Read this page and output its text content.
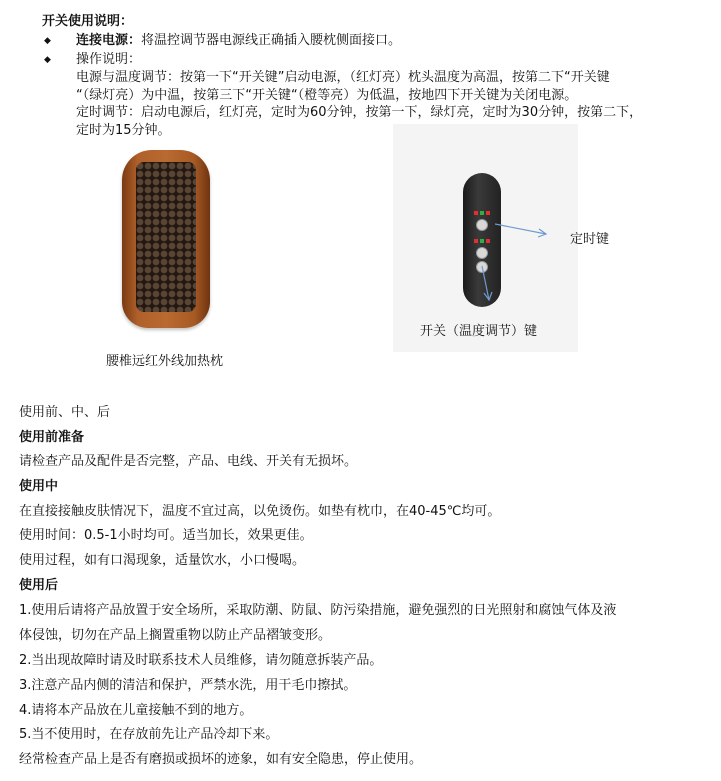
开关使用说明：
◆ 连接电源：将温控调节器电源线正确插入腰枕侧面接口。
◆ 操作说明：
电源与温度调节：按第一下“开关键”启动电源，（红灯亮）枕头温度为高温，按第二下“开关键
“（绿灯亮）为中温，按第三下“开关键“（橙等亮）为低温，按地四下开关键为关闭电源。
定时调节：启动电源后，红灯亮，定时为60分钟，按第一下，绿灯亮，定时为30分钟，按第二下，
定时为15分钟。
腰椎远红外线加热枕
定时键
开关（温度调节）键
使用前、中、后
使用前准备
请检查产品及配件是否完整，产品、电线、开关有无损坏。
使用中
在直接接触皮肤情况下，温度不宜过高，以免烫伤。如垫有枕巾，在40-45℃均可。
使用时间：0.5-1小时均可。适当加长，效果更佳。
使用过程，如有口渴现象，适量饮水，小口慢喝。
使用后
1.使用后请将产品放置于安全场所，采取防潮、防鼠、防污染措施，避免强烈的日光照射和腐蚀气体及液
体侵蚀，切勿在产品上搁置重物以防止产品褶皱变形。
2.当出现故障时请及时联系技术人员维修，请勿随意拆装产品。
3.注意产品内侧的清洁和保护，严禁水洗，用干毛巾擦拭。
4.请将本产品放在儿童接触不到的地方。
5.当不使用时，在存放前先让产品冷却下来。
经常检查产品上是否有磨损或损坏的迹象，如有安全隐患，停止使用。
